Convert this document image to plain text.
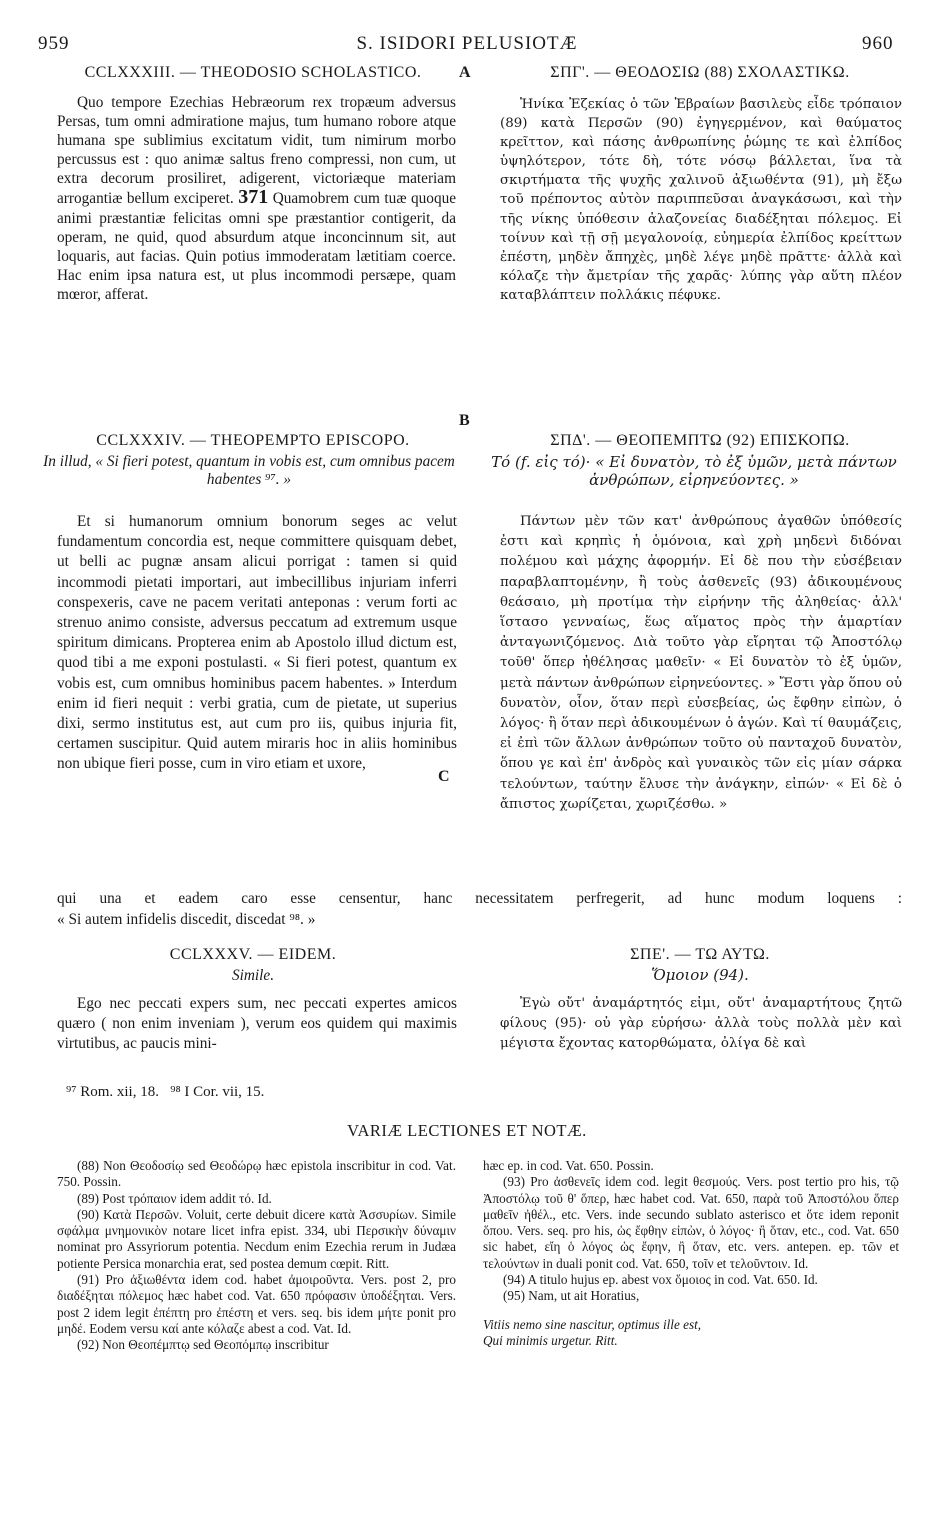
959	S. ISIDORI PELUSIOTÆ	960
CCLXXXIII. — THEODOSIO SCHOLASTICO.	A	ΣΠΓ'. — ΘΕΟΔΟΣΙΩ (88) ΣΧΟΛΑΣΤΙΚΩ.

Quo tempore Ezechias Hebræorum rex tropæum adversus Persas, tum omni admiratione majus, tum humano robore atque humana spe sublimius excitatum vidit, tum nimirum morbo percussus est : quo animæ saltus freno compressi, non cum, ut extra decorum prosiliret, adigerent, victoriæque materiam arrogantiæ bellum exciperet. 371 Quamobrem cum tuæ quoque animi præstantiæ felicitas omni spe præstantior contigerit, da operam, ne quid, quod absurdum atque inconcinnum sit, aut loquaris, aut facias. Quin potius immoderatam lætitiam coerce. Hac enim ipsa natura est, ut plus incommodi persæpe, quam mœror, afferat.

Ἡνίκα Ἐζεκίας ὁ τῶν Ἑβραίων βασιλεὺς εἶδε τρόπαιον (89) κατὰ Περσῶν (90) ἐγηγερμένον, καὶ θαύματος κρεῖττον, καὶ πάσης ἀνθρωπίνης ῥώμης τε καὶ ἐλπίδος ὑψηλότερον, τότε δὴ, τότε νόσῳ βάλλεται, ἵνα τὰ σκιρτήματα τῆς ψυχῆς χαλινοῦ ἀξιωθέντα (91), μὴ ἔξω τοῦ πρέποντος αὐτὸν παριππεῦσαι ἀναγκάσωσι, καὶ τὴν τῆς νίκης ὑπόθεσιν ἀλαζονείας διαδέξηται πόλεμος. Εἰ τοίνυν καὶ τῇ σῇ μεγαλονοίᾳ, εὐημερία ἐλπίδος κρείττων ἐπέστη, μηδὲν ἄπηχὲς, μηδὲ λέγε μηδὲ πρᾶττε· ἀλλὰ καὶ κόλαζε τὴν ἄμετρίαν τῆς χαρᾶς· λύπης γὰρ αὕτη πλέον καταβλάπτειν πολλάκις πέφυκε.

B
CCLXXXIV. — THEOPEMPTO EPISCOPO.
In illud, « Si fieri potest, quantum in vobis est, cum omnibus pacem habentes ⁹⁷. »
ΣΠΔ'. — ΘΕΟΠΕΜΠΤΩ (92) ΕΠΙΣΚΟΠΩ.
Τό (f. εἰς τό)· « Εἰ δυνατὸν, τὸ ἐξ ὑμῶν, μετὰ πάντων ἀνθρώπων, εἰρηνεύοντες. »

Et si humanorum omnium bonorum seges ac velut fundamentum concordia est, neque committere quisquam debet, ut belli ac pugnæ ansam alicui porrigat : tamen si quid incommodi pietati importari, aut imbecillibus injuriam inferri conspexeris, cave ne pacem veritati anteponas : verum forti ac strenuo animo consiste, adversus peccatum ad extremum usque spiritum dimicans. Propterea enim ab Apostolo illud dictum est, quod tibi a me exponi postulasti. « Si fieri potest, quantum ex vobis est, cum omnibus hominibus pacem habentes. » Interdum enim id fieri nequit : verbi gratia, cum de pietate, ut superius dixi, sermo institutus est, aut cum pro iis, quibus injuria fit, certamen suscipitur. Quid autem miraris hoc in aliis hominibus non ubique fieri posse, cum in viro etiam et uxore,

C

Πάντων μὲν τῶν κατ' ἀνθρώπους ἀγαθῶν ὑπόθεσίς ἐστι καὶ κρηπὶς ἡ ὁμόνοια, καὶ χρὴ μηδενὶ διδόναι πολέμου καὶ μάχης ἀφορμήν. Εἰ δὲ που τὴν εὐσέβειαν παραβλαπτομένην, ἢ τοὺς ἀσθενεῖς (93) ἀδικουμένους θεάσαιο, μὴ προτίμα τὴν εἰρήνην τῆς ἀληθείας· ἀλλ' ἵστασο γενναίως, ἕως αἵματος πρὸς τὴν ἁμαρτίαν ἀνταγωνιζόμενος. Διὰ τοῦτο γὰρ εἴρηται τῷ Ἀποστόλῳ τοῦθ' ὅπερ ἠθέλησας μαθεῖν· « Εἰ δυνατὸν τὸ ἐξ ὑμῶν, μετὰ πάντων ἀνθρώπων εἰρηνεύοντες. » Ἔστι γὰρ ὅπου οὐ δυνατὸν, οἷον, ὅταν περὶ εὐσεβείας, ὡς ἔφθην εἰπὼν, ὁ λόγος· ἢ ὅταν περὶ ἀδικουμένων ὁ ἀγών. Καὶ τί θαυμάζεις, εἰ ἐπὶ τῶν ἄλλων ἀνθρώπων τοῦτο οὐ πανταχοῦ δυνατὸν, ὅπου γε καὶ ἐπ' ἀνδρὸς καὶ γυναικὸς τῶν εἰς μίαν σάρκα τελούντων, ταύτην ἔλυσε τὴν ἀνάγκην, εἰπών· « Εἰ δὲ ὁ ἄπιστος χωρίζεται, χωριζέσθω. »

qui una et eadem caro esse censentur, hanc necessitatem perfregerit, ad hunc modum loquens :
« Si autem infidelis discedit, discedat ⁹⁸. »
CCLXXXV. — EIDEM.
Simile.
ΣΠΕ'. — ΤΩ ΑΥΤΩ.
Ὅμοιον (94).

Ego nec peccati expers sum, nec peccati expertes amicos quæro ( non enim inveniam ), verum eos quidem qui maximis virtutibus, ac paucis mini-

Ἐγὼ οὔτ' ἀναμάρτητός εἰμι, οὔτ' ἀναμαρτήτους ζητῶ φίλους (95)· οὐ γὰρ εὑρήσω· ἀλλὰ τοὺς πολλὰ μὲν καὶ μέγιστα ἔχοντας κατορθώματα, ὀλίγα δὲ καὶ

⁹⁷ Rom. xii, 18.   ⁹⁸ I Cor. vii, 15.
VARIÆ LECTIONES ET NOTÆ.

(88) Non Θεοδοσίῳ sed Θεοδώρῳ hæc epistola inscribitur in cod. Vat. 750. Possin.

(89) Post τρόπαιον idem addit τό. Id.

(90) Κατὰ Περσῶν. Voluit, certe debuit dicere κατὰ Ἀσσυρίων. Simile σφάλμα μνημονικὸν notare licet infra epist. 334, ubi Περσικὴν δύναμιν nominat pro Assyriorum potentia. Necdum enim Ezechia rerum in Judæa potiente Persica monarchia erat, sed postea demum cœpit. Ritt.

(91) Pro ἀξιωθέντα idem cod. habet ἀμοιροῦντα. Vers. post 2, pro διαδέξηται πόλεμος hæc habet cod. Vat. 650 πρόφασιν ὑποδέξηται. Vers. post 2 idem legit ἐπέπτη pro ἐπέστη et vers. seq. bis idem μήτε ponit pro μηδέ. Eodem versu καί ante κόλαζε abest a cod. Vat. Id.

(92) Non Θεοπέμπτῳ sed Θεοπόμπῳ inscribitur

hæc ep. in cod. Vat. 650. Possin.

(93) Pro ἀσθενεῖς idem cod. legit θεσμούς. Vers. post tertio pro his, τῷ Ἀποστόλῳ τοῦ θ' ὅπερ, hæc habet cod. Vat. 650, παρὰ τοῦ Ἀποστόλου ὅπερ μαθεῖν ἠθέλ., etc. Vers. inde secundo sublato asterisco et ὅτε idem reponit ὅπου. Vers. seq. pro his, ὡς ἔφθην εἰπὼν, ὁ λόγος· ἢ ὅταν, etc., cod. Vat. 650 sic habet, εἴη ὁ λόγος ὡς ἔφην, ἢ ὅταν, etc. vers. antepen. ep. τῶν et τελούντων in duali ponit cod. Vat. 650, τοῖν et τελοῦντοιν. Id.

(94) A titulo hujus ep. abest vox ὅμοιος in cod. Vat. 650. Id.

(95) Nam, ut ait Horatius,

Vitiis nemo sine nascitur, optimus ille est,

Qui minimis urgetur. Ritt.
